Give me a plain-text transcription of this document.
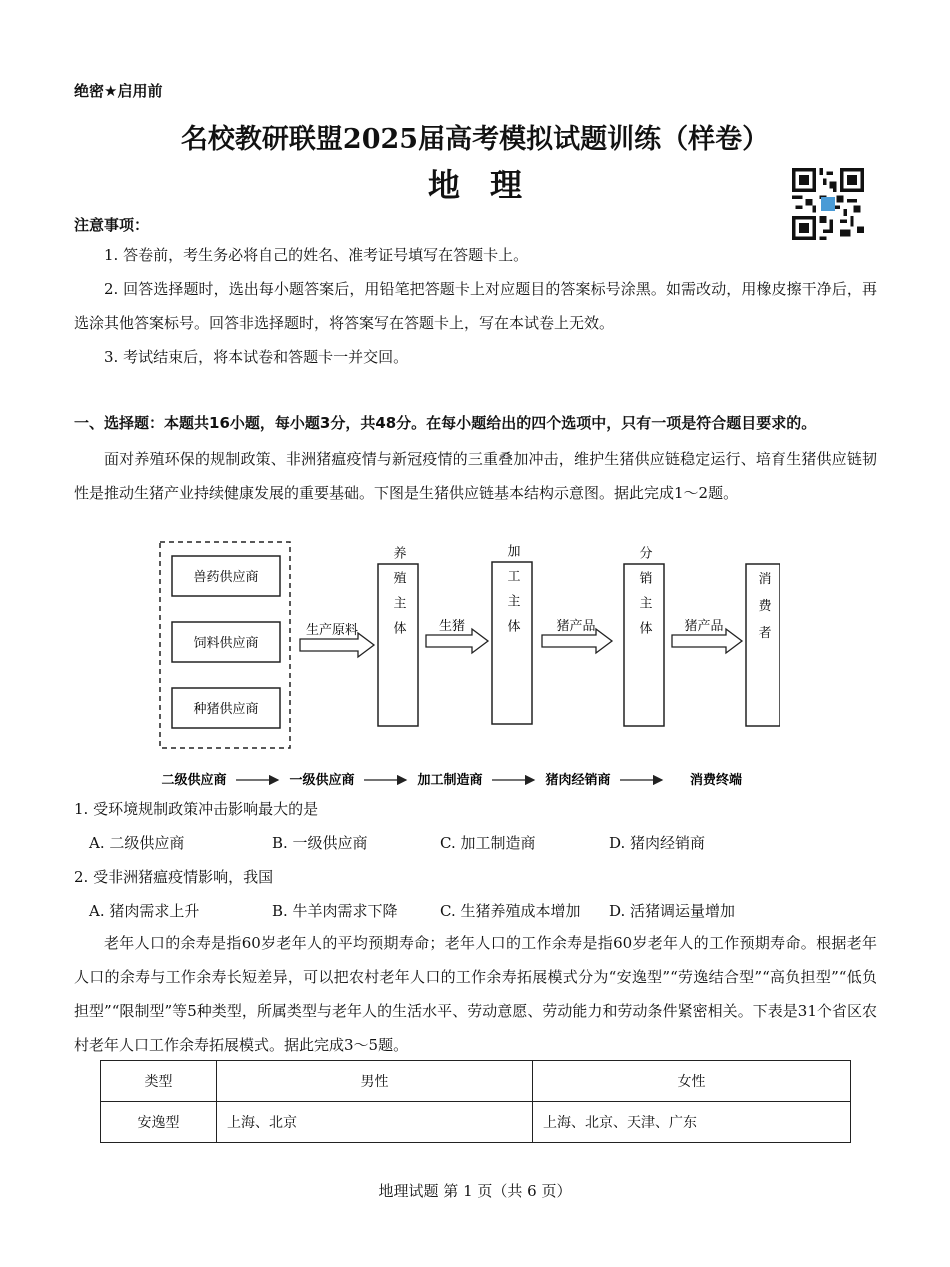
绝密★启用前
名校教研联盟2025届高考模拟试题训练（样卷）
地理
注意事项：
1. 答卷前，考生务必将自己的姓名、准考证号填写在答题卡上。
2. 回答选择题时，选出每小题答案后，用铅笔把答题卡上对应题目的答案标号涂黑。如需改动，用橡皮擦干净后，再选涂其他答案标号。回答非选择题时，将答案写在答题卡上，写在本试卷上无效。
3. 考试结束后，将本试卷和答题卡一并交回。
一、选择题：本题共16小题，每小题3分，共48分。在每小题给出的四个选项中，只有一项是符合题目要求的。
面对养殖环保的规制政策、非洲猪瘟疫情与新冠疫情的三重叠加冲击，维护生猪供应链稳定运行、培育生猪供应链韧性是推动生猪产业持续健康发展的重要基础。下图是生猪供应链基本结构示意图。据此完成1～2题。
兽药供应商
饲料供应商
种猪供应商
生产原料 养殖主体	生猪	加工主体	猪产品	分销主体	猪产品 消费者
二级供应商	一级供应商	加工制造商	猪肉经销商	消费终端
1. 受环境规制政策冲击影响最大的是
A. 二级供应商	B. 一级供应商	C. 加工制造商	D. 猪肉经销商
2. 受非洲猪瘟疫情影响，我国
A. 猪肉需求上升	B. 牛羊肉需求下降	C. 生猪养殖成本增加 D. 活猪调运量增加
老年人口的余寿是指60岁老年人的平均预期寿命；老年人口的工作余寿是指60岁老年人的工作预期寿命。根据老年人口的余寿与工作余寿长短差异，可以把农村老年人口的工作余寿拓展模式分为“安逸型”“劳逸结合型”“高负担型”“低负担型”“限制型”等5种类型，所属类型与老年人的生活水平、劳动意愿、劳动能力和劳动条件紧密相关。下表是31个省区农村老年人口工作余寿拓展模式。据此完成3～5题。
类型	男性	女性
安逸型	上海、北京	上海、北京、天津、广东
地理试题 第 1 页（共 6 页）
